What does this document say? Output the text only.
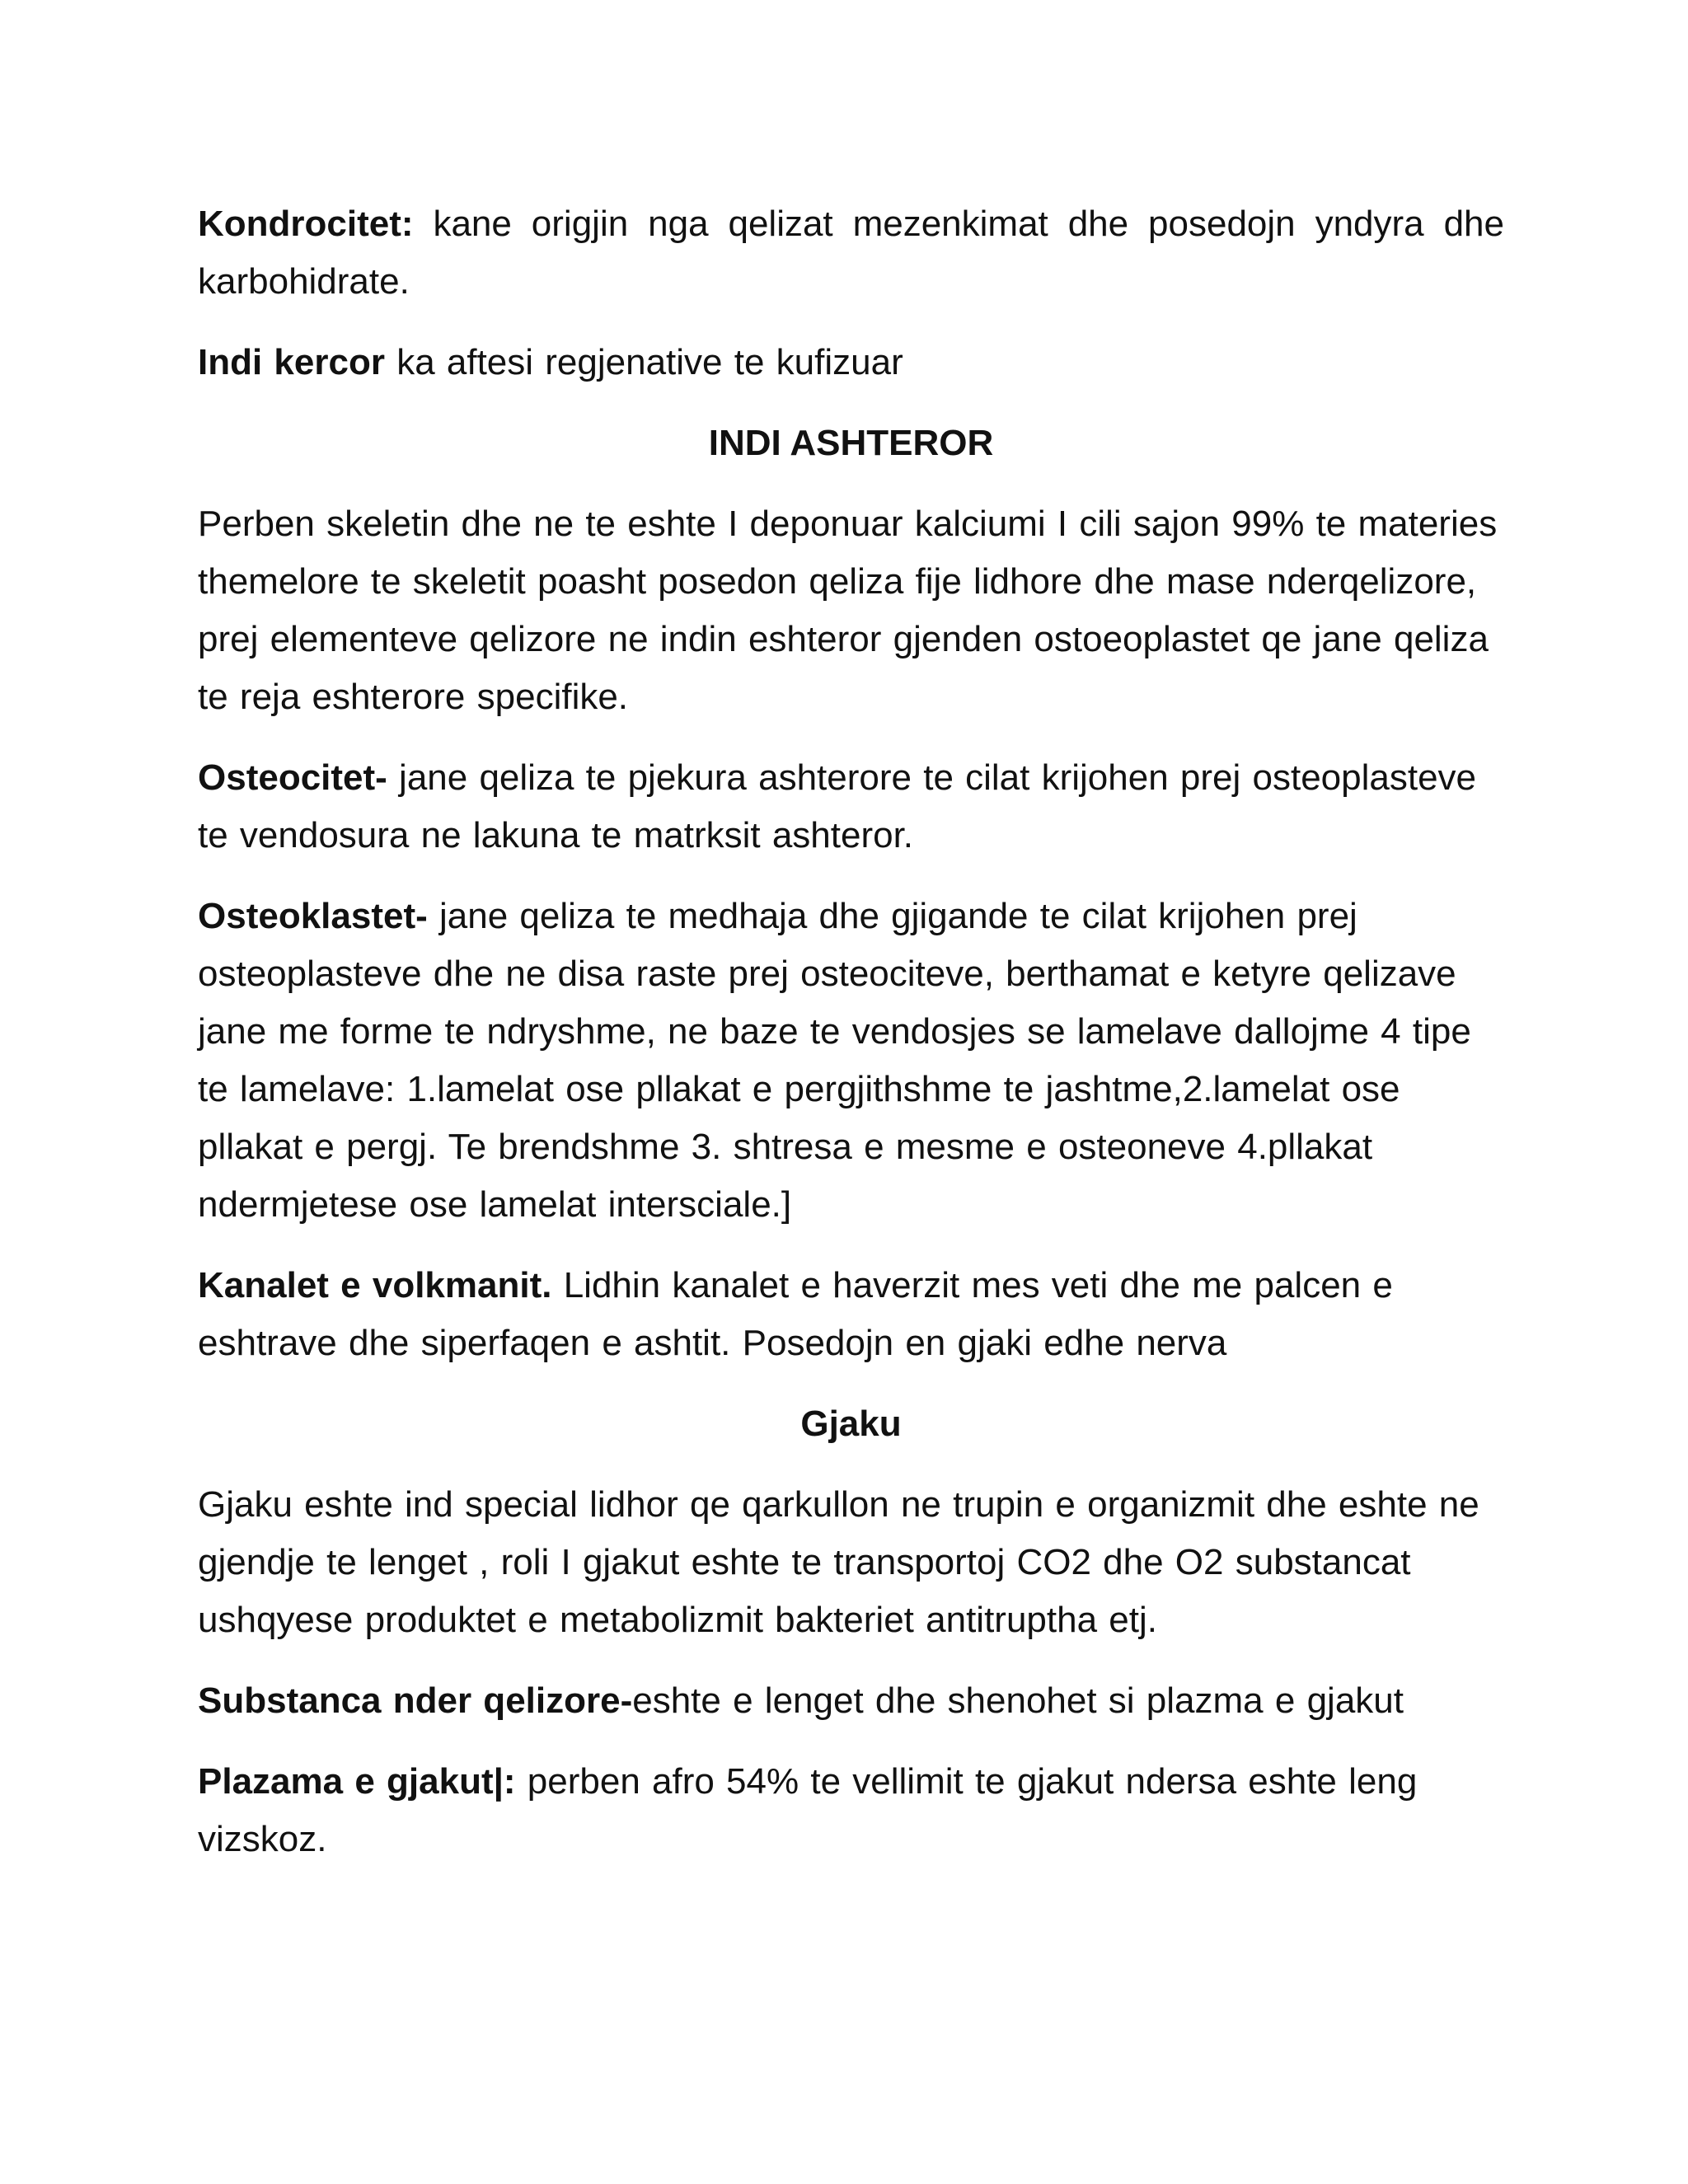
Kondrocitet: kane origjin nga qelizat mezenkimat dhe posedojn yndyra dhe karbohidrate.

Indi kercor ka aftesi regjenative te kufizuar

INDI ASHTEROR

Perben skeletin dhe ne te eshte I deponuar kalciumi I cili sajon 99% te materies themelore te skeletit poasht posedon qeliza fije lidhore dhe mase nderqelizore, prej elementeve qelizore ne indin eshteror gjenden ostoeoplastet qe jane qeliza te reja eshterore specifike.

Osteocitet- jane qeliza te pjekura ashterore te cilat krijohen prej osteoplasteve te vendosura ne lakuna te matrksit ashteror.

Osteoklastet- jane qeliza te medhaja dhe gjigande te cilat krijohen prej osteoplasteve dhe ne disa raste prej osteociteve, berthamat e ketyre qelizave jane me forme te ndryshme, ne baze te vendosjes se lamelave dallojme 4 tipe te lamelave: 1.lamelat ose pllakat e pergjithshme te jashtme,2.lamelat ose pllakat e pergj. Te brendshme 3. shtresa e mesme e osteoneve 4.pllakat ndermjetese ose lamelat intersciale.]

Kanalet e volkmanit. Lidhin kanalet e haverzit mes veti dhe me palcen e eshtrave dhe siperfaqen e ashtit. Posedojn en gjaki edhe nerva

Gjaku

Gjaku eshte ind special lidhor qe qarkullon ne trupin e organizmit dhe eshte ne gjendje te lenget , roli I gjakut eshte te transportoj CO2 dhe O2 substancat ushqyese produktet e metabolizmit bakteriet antitruptha etj.

Substanca nder qelizore-eshte e lenget dhe shenohet si plazma e gjakut

Plazama e gjakut|: perben afro 54% te vellimit te gjakut ndersa eshte leng vizskoz.
